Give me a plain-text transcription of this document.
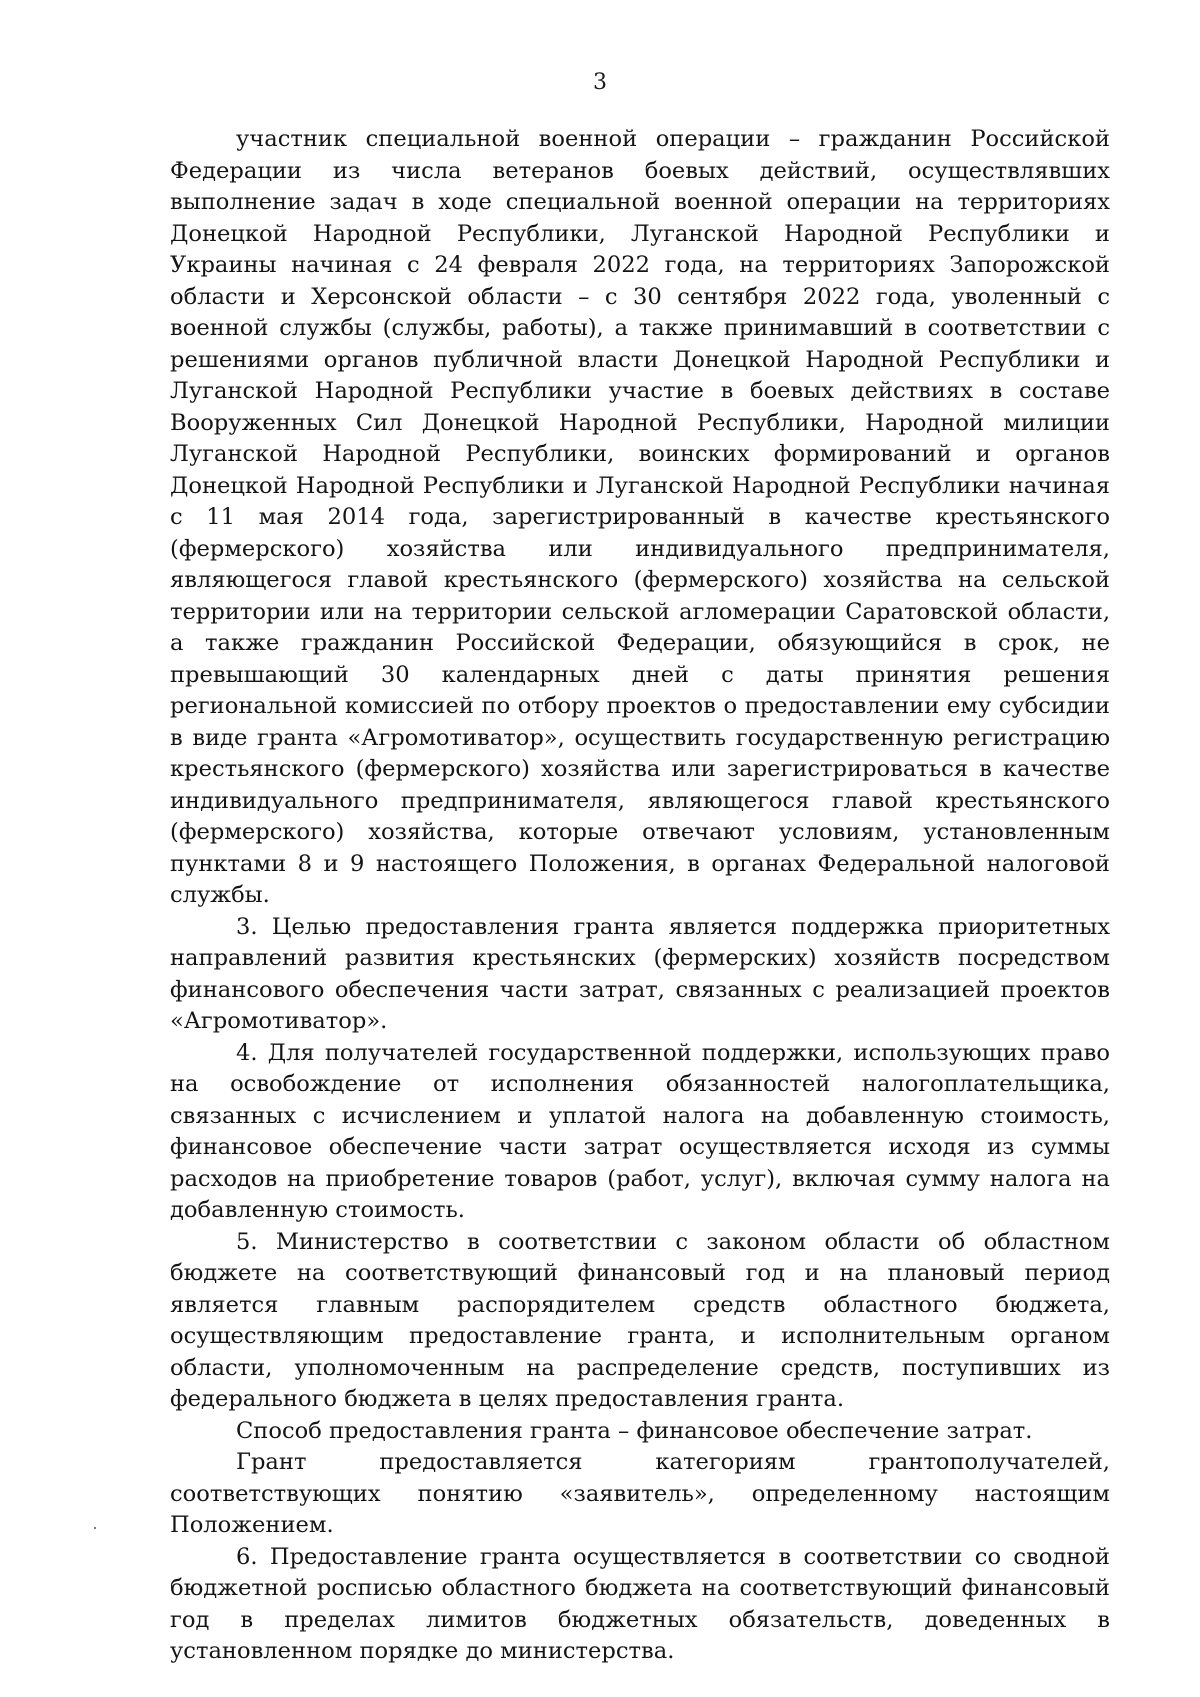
3

участник специальной военной операции – гражданин Российской Федерации из числа ветеранов боевых действий, осуществлявших выполнение задач в ходе специальной военной операции на территориях Донецкой Народной Республики, Луганской Народной Республики и Украины начиная с 24 февраля 2022 года, на территориях Запорожской области и Херсонской области – с 30 сентября 2022 года, уволенный с военной службы (службы, работы), а также принимавший в соответствии с решениями органов публичной власти Донецкой Народной Республики и Луганской Народной Республики участие в боевых действиях в составе Вооруженных Сил Донецкой Народной Республики, Народной милиции Луганской Народной Республики, воинских формирований и органов Донецкой Народной Республики и Луганской Народной Республики начиная с 11 мая 2014 года, зарегистрированный в качестве крестьянского (фермерского) хозяйства или индивидуального предпринимателя, являющегося главой крестьянского (фермерского) хозяйства на сельской территории или на территории сельской агломерации Саратовской области, а также гражданин Российской Федерации, обязующийся в срок, не превышающий 30 календарных дней с даты принятия решения региональной комиссией по отбору проектов о предоставлении ему субсидии в виде гранта «Агромотиватор», осуществить государственную регистрацию крестьянского (фермерского) хозяйства или зарегистрироваться в качестве индивидуального предпринимателя, являющегося главой крестьянского (фермерского) хозяйства, которые отвечают условиям, установленным пунктами 8 и 9 настоящего Положения, в органах Федеральной налоговой службы.

3. Целью предоставления гранта является поддержка приоритетных направлений развития крестьянских (фермерских) хозяйств посредством финансового обеспечения части затрат, связанных с реализацией проектов «Агромотиватор».

4. Для получателей государственной поддержки, использующих право на освобождение от исполнения обязанностей налогоплательщика, связанных с исчислением и уплатой налога на добавленную стоимость, финансовое обеспечение части затрат осуществляется исходя из суммы расходов на приобретение товаров (работ, услуг), включая сумму налога на добавленную стоимость.

5. Министерство в соответствии с законом области об областном бюджете на соответствующий финансовый год и на плановый период является главным распорядителем средств областного бюджета, осуществляющим предоставление гранта, и исполнительным органом области, уполномоченным на распределение средств, поступивших из федерального бюджета в целях предоставления гранта.

Способ предоставления гранта – финансовое обеспечение затрат.

Грант предоставляется категориям грантополучателей, соответствующих понятию «заявитель», определенному настоящим Положением.

6. Предоставление гранта осуществляется в соответствии со сводной бюджетной росписью областного бюджета на соответствующий финансовый год в пределах лимитов бюджетных обязательств, доведенных в установленном порядке до министерства.
